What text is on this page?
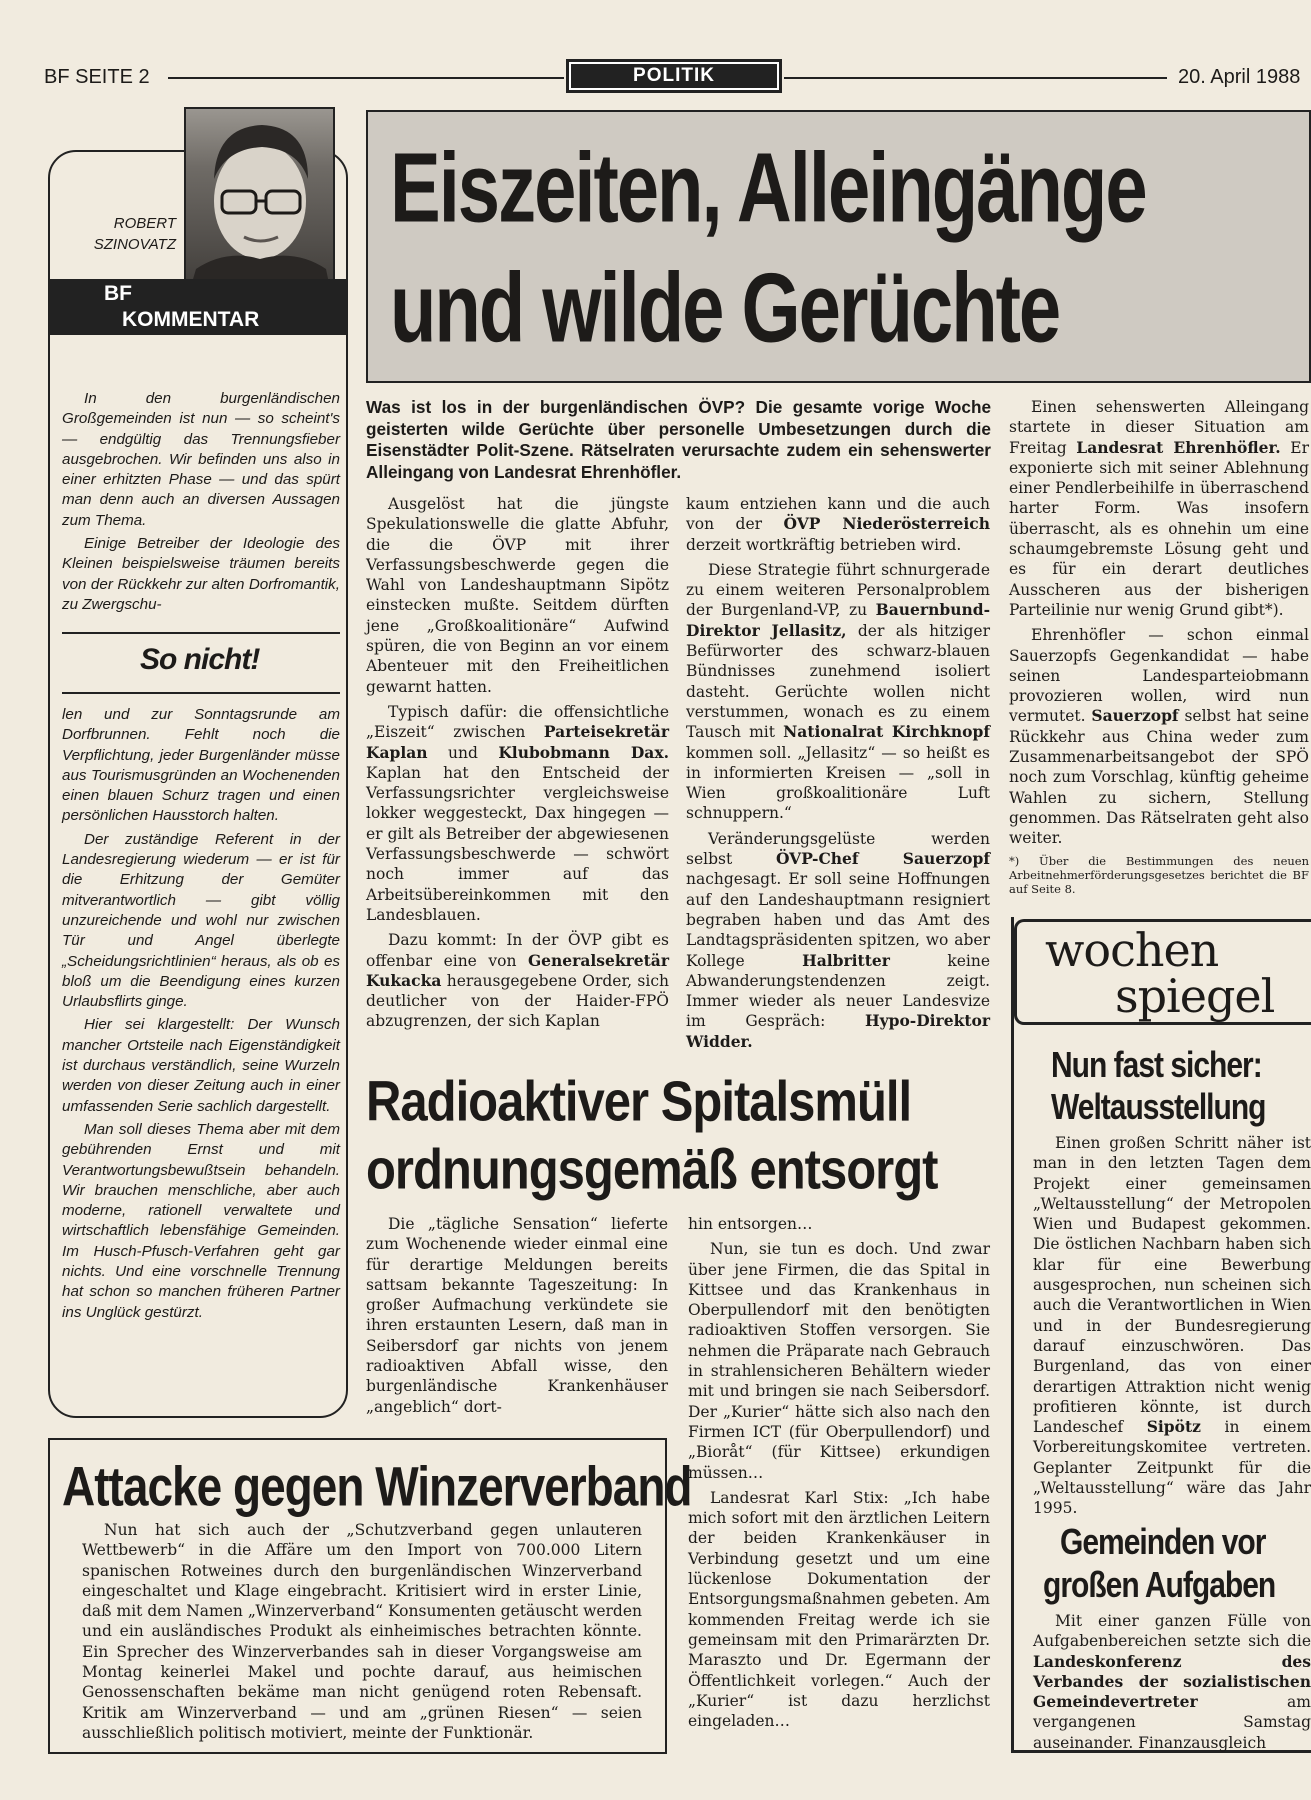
BF SEITE 2	POLITIK	20. April 1988
ROBERT
SZINOVATZ
BF
KOMMENTAR

In den burgenländischen Großgemeinden ist nun — so scheint's — endgültig das Trennungsfieber ausgebrochen. Wir befinden uns also in einer erhitzten Phase — und das spürt man denn auch an diversen Aussagen zum Thema.

Einige Betreiber der Ideologie des Kleinen beispielsweise träumen bereits von der Rückkehr zur alten Dorfromantik, zu Zwergschu-

So nicht!

len und zur Sonntagsrunde am Dorfbrunnen. Fehlt noch die Verpflichtung, jeder Burgenländer müsse aus Tourismusgründen an Wochenenden einen blauen Schurz tragen und einen persönlichen Hausstorch halten.

Der zuständige Referent in der Landesregierung wiederum — er ist für die Erhitzung der Gemüter mitverantwortlich — gibt völlig unzureichende und wohl nur zwischen Tür und Angel überlegte „Scheidungsrichtlinien“ heraus, als ob es bloß um die Beendigung eines kurzen Urlaubsflirts ginge.

Hier sei klargestellt: Der Wunsch mancher Ortsteile nach Eigenständigkeit ist durchaus verständlich, seine Wurzeln werden von dieser Zeitung auch in einer umfassenden Serie sachlich dargestellt.

Man soll dieses Thema aber mit dem gebührenden Ernst und mit Verantwortungsbewußtsein behandeln. Wir brauchen menschliche, aber auch moderne, rationell verwaltete und wirtschaftlich lebensfähige Gemeinden. Im Husch-Pfusch-Verfahren geht gar nichts. Und eine vorschnelle Trennung hat schon so manchen früheren Partner ins Unglück gestürzt.

Eiszeiten, Alleingänge
und wilde Gerüchte
Was ist los in der burgenländischen ÖVP? Die gesamte vorige Woche geisterten wilde Gerüchte über personelle Umbesetzungen durch die Eisenstädter Polit-Szene. Rätselraten verursachte zudem ein sehenswerter Alleingang von Landesrat Ehrenhöfler.

Ausgelöst hat die jüngste Spekulationswelle die glatte Abfuhr, die die ÖVP mit ihrer Verfassungsbeschwerde gegen die Wahl von Landeshauptmann Sipötz einstecken mußte. Seitdem dürften jene „Großkoalitionäre“ Aufwind spüren, die von Beginn an vor einem Abenteuer mit den Freiheitlichen gewarnt hatten.

Typisch dafür: die offensichtliche „Eiszeit“ zwischen Parteisekretär Kaplan und Klubobmann Dax. Kaplan hat den Entscheid der Verfassungsrichter vergleichsweise lokker weggesteckt, Dax hingegen — er gilt als Betreiber der abgewiesenen Verfassungsbeschwerde — schwört noch immer auf das Arbeitsübereinkommen mit den Landesblauen.

Dazu kommt: In der ÖVP gibt es offenbar eine von Generalsekretär Kukacka herausgegebene Order, sich deutlicher von der Haider-FPÖ abzugrenzen, der sich Kaplan

kaum entziehen kann und die auch von der ÖVP Niederösterreich derzeit wortkräftig betrieben wird.

Diese Strategie führt schnurgerade zu einem weiteren Personalproblem der Burgenland-VP, zu Bauernbund-Direktor Jellasitz, der als hitziger Befürworter des schwarz-blauen Bündnisses zunehmend isoliert dasteht. Gerüchte wollen nicht verstummen, wonach es zu einem Tausch mit Nationalrat Kirchknopf kommen soll. „Jellasitz“ — so heißt es in informierten Kreisen — „soll in Wien großkoalitionäre Luft schnuppern.“

Veränderungsgelüste werden selbst ÖVP-Chef Sauerzopf nachgesagt. Er soll seine Hoffnungen auf den Landeshauptmann resigniert begraben haben und das Amt des Landtagspräsidenten spitzen, wo aber Kollege Halbritter keine Abwanderungstendenzen zeigt. Immer wieder als neuer Landesvize im Gespräch: Hypo-Direktor Widder.

Einen sehenswerten Alleingang startete in dieser Situation am Freitag Landesrat Ehrenhöfler. Er exponierte sich mit seiner Ablehnung einer Pendlerbeihilfe in überraschend harter Form. Was insofern überrascht, als es ohnehin um eine schaumgebremste Lösung geht und es für ein derart deutliches Ausscheren aus der bisherigen Parteilinie nur wenig Grund gibt*).

Ehrenhöfler — schon einmal Sauerzopfs Gegenkandidat — habe seinen Landesparteiobmann provozieren wollen, wird nun vermutet. Sauerzopf selbst hat seine Rückkehr aus China weder zum Zusammenarbeitsangebot der SPÖ noch zum Vorschlag, künftig geheime Wahlen zu sichern, Stellung genommen. Das Rätselraten geht also weiter.

*) Über die Bestimmungen des neuen Arbeitnehmerförderungsgesetzes berichtet die BF auf Seite 8.

Radioaktiver Spitalsmüll
ordnungsgemäß entsorgt

Die „tägliche Sensation“ lieferte zum Wochenende wieder einmal eine für derartige Meldungen bereits sattsam bekannte Tageszeitung: In großer Aufmachung verkündete sie ihren erstaunten Lesern, daß man in Seibersdorf gar nichts von jenem radioaktiven Abfall wisse, den burgenländische Krankenhäuser „angeblich“ dort-

hin entsorgen…

Nun, sie tun es doch. Und zwar über jene Firmen, die das Spital in Kittsee und das Krankenhaus in Oberpullendorf mit den benötigten radioaktiven Stoffen versorgen. Sie nehmen die Präparate nach Gebrauch in strahlensicheren Behältern wieder mit und bringen sie nach Seibersdorf. Der „Kurier“ hätte sich also nach den Firmen ICT (für Oberpullendorf) und „Bioråt“ (für Kittsee) erkundigen müssen…

Landesrat Karl Stix: „Ich habe mich sofort mit den ärztlichen Leitern der beiden Krankenkäuser in Verbindung gesetzt und um eine lückenlose Dokumentation der Entsorgungsmaßnahmen gebeten. Am kommenden Freitag werde ich sie gemeinsam mit den Primarärzten Dr. Maraszto und Dr. Egermann der Öffentlichkeit vorlegen.“ Auch der „Kurier“ ist dazu herzlichst eingeladen…

Attacke gegen Winzerverband

Nun hat sich auch der „Schutzverband gegen unlauteren Wettbewerb“ in die Affäre um den Import von 700.000 Litern spanischen Rotweines durch den burgenländischen Winzerverband eingeschaltet und Klage eingebracht. Kritisiert wird in erster Linie, daß mit dem Namen „Winzerverband“ Konsumenten getäuscht werden und ein ausländisches Produkt als einheimisches betrachten könnte. Ein Sprecher des Winzerverbandes sah in dieser Vorgangsweise am Montag keinerlei Makel und pochte darauf, aus heimischen Genossenschaften bekäme man nicht genügend roten Rebensaft. Kritik am Winzerverband — und am „grünen Riesen“ — seien ausschließlich politisch motiviert, meinte der Funktionär.

wochen
spiegel
Nun fast sicher:
Weltausstellung

Einen großen Schritt näher ist man in den letzten Tagen dem Projekt einer gemeinsamen „Weltausstellung“ der Metropolen Wien und Budapest gekommen. Die östlichen Nachbarn haben sich klar für eine Bewerbung ausgesprochen, nun scheinen sich auch die Verantwortlichen in Wien und in der Bundesregierung darauf einzuschwören. Das Burgenland, das von einer derartigen Attraktion nicht wenig profitieren könnte, ist durch Landeschef Sipötz in einem Vorbereitungskomitee vertreten. Geplanter Zeitpunkt für die „Weltausstellung“ wäre das Jahr 1995.

Gemeinden vor
großen Aufgaben

Mit einer ganzen Fülle von Aufgabenbereichen setzte sich die Landeskonferenz des Verbandes der sozialistischen Gemeindevertreter am vergangenen Samstag auseinander. Finanzausgleich
